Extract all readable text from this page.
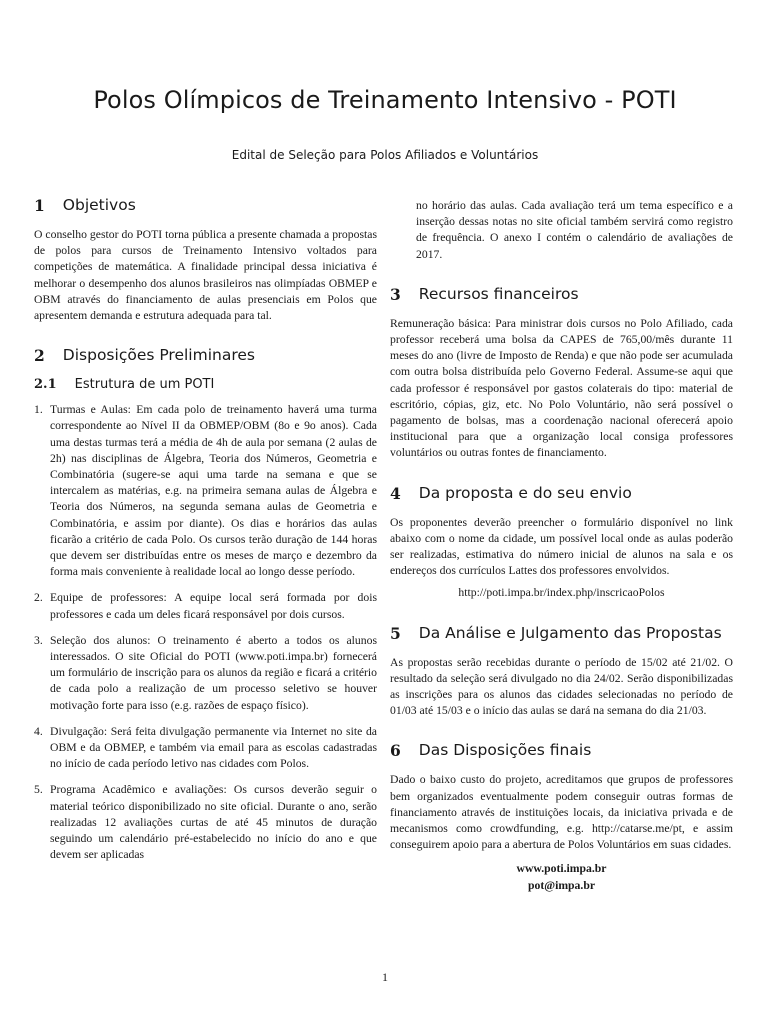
Polos Olímpicos de Treinamento Intensivo - POTI
Edital de Seleção para Polos Afiliados e Voluntários
1 Objetivos

O conselho gestor do POTI torna pública a presente chamada a propostas de polos para cursos de Treinamento Intensivo voltados para competições de matemática. A finalidade principal dessa iniciativa é melhorar o desempenho dos alunos brasileiros nas olimpíadas OBMEP e OBM através do financiamento de aulas presenciais em Polos que apresentem demanda e estrutura adequada para tal.

2 Disposições Preliminares
2.1 Estrutura de um POTI
1. Turmas e Aulas: Em cada polo de treinamento haverá uma turma correspondente ao Nível II da OBMEP/OBM (8o e 9o anos). Cada uma destas turmas terá a média de 4h de aula por semana (2 aulas de 2h) nas disciplinas de Álgebra, Teoria dos Números, Geometria e Combinatória (sugere-se aqui uma tarde na semana e que se intercalem as matérias, e.g. na primeira semana aulas de Álgebra e Teoria dos Números, na segunda semana aulas de Geometria e Combinatória, e assim por diante). Os dias e horários das aulas ficarão a critério de cada Polo. Os cursos terão duração de 144 horas que devem ser distribuídas entre os meses de março e dezembro da forma mais conveniente à realidade local ao longo desse período.
2. Equipe de professores: A equipe local será formada por dois professores e cada um deles ficará responsável por dois cursos.
3. Seleção dos alunos: O treinamento é aberto a todos os alunos interessados. O site Oficial do POTI (www.poti.impa.br) fornecerá um formulário de inscrição para os alunos da região e ficará a critério de cada polo a realização de um processo seletivo se houver motivação forte para isso (e.g. razões de espaço físico).
4. Divulgação: Será feita divulgação permanente via Internet no site da OBM e da OBMEP, e também via email para as escolas cadastradas no início de cada período letivo nas cidades com Polos.
5. Programa Acadêmico e avaliações: Os cursos deverão seguir o material teórico disponibilizado no site oficial. Durante o ano, serão realizadas 12 avaliações curtas de até 45 minutos de duração seguindo um calendário pré-estabelecido no início do ano e que devem ser aplicadas

no horário das aulas. Cada avaliação terá um tema específico e a inserção dessas notas no site oficial também servirá como registro de frequência. O anexo I contém o calendário de avaliações de 2017.

3 Recursos financeiros

Remuneração básica: Para ministrar dois cursos no Polo Afiliado, cada professor receberá uma bolsa da CAPES de 765,00/mês durante 11 meses do ano (livre de Imposto de Renda) e que não pode ser acumulada com outra bolsa distribuída pelo Governo Federal. Assume-se aqui que cada professor é responsável por gastos colaterais do tipo: material de escritório, cópias, giz, etc. No Polo Voluntário, não será possível o pagamento de bolsas, mas a coordenação nacional oferecerá apoio institucional para que a organização local consiga professores voluntários ou outras fontes de financiamento.

4 Da proposta e do seu envio

Os proponentes deverão preencher o formulário disponível no link abaixo com o nome da cidade, um possível local onde as aulas poderão ser realizadas, estimativa do número inicial de alunos na sala e os endereços dos currículos Lattes dos professores envolvidos.

http://poti.impa.br/index.php/inscricaoPolos

5 Da Análise e Julgamento das Propostas

As propostas serão recebidas durante o período de 15/02 até 21/02. O resultado da seleção será divulgado no dia 24/02. Serão disponibilizadas as inscrições para os alunos das cidades selecionadas no período de 01/03 até 15/03 e o início das aulas se dará na semana do dia 21/03.

6 Das Disposições finais

Dado o baixo custo do projeto, acreditamos que grupos de professores bem organizados eventualmente podem conseguir outras formas de financiamento através de instituições locais, da iniciativa privada e de mecanismos como crowdfunding, e.g. http://catarse.me/pt, e assim conseguirem apoio para a abertura de Polos Voluntários em suas cidades.

www.poti.impa.br

pot@impa.br

1
